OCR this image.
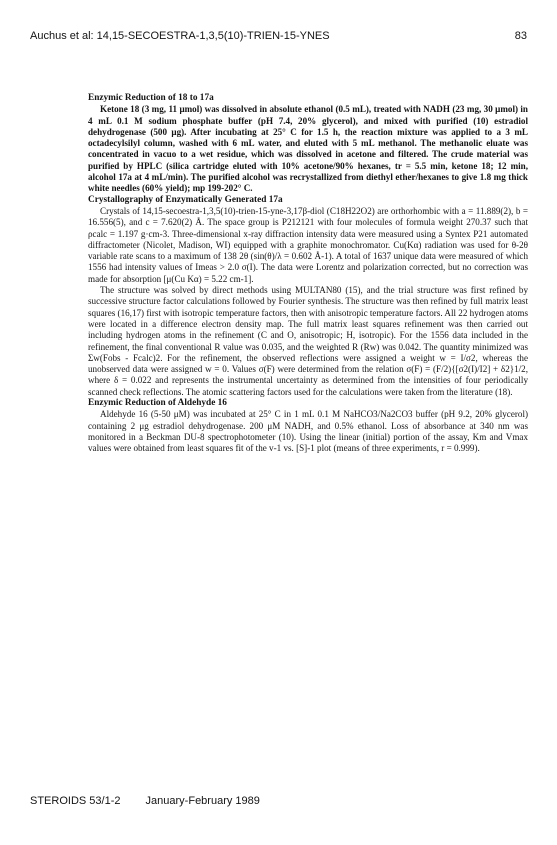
Auchus et al: 14,15-SECOESTRA-1,3,5(10)-TRIEN-15-YNES	83
Enzymic Reduction of 18 to 17a

Ketone 18 (3 mg, 11 μmol) was dissolved in absolute ethanol (0.5 mL), treated with NADH (23 mg, 30 μmol) in 4 mL 0.1 M sodium phosphate buffer (pH 7.4, 20% glycerol), and mixed with purified (10) estradiol dehydrogenase (500 μg). After incubating at 25° C for 1.5 h, the reaction mixture was applied to a 3 mL octadecylsilyl column, washed with 6 mL water, and eluted with 5 mL methanol. The methanolic eluate was concentrated in vacuo to a wet residue, which was dissolved in acetone and filtered. The crude material was purified by HPLC (silica cartridge eluted with 10% acetone/90% hexanes, tr = 5.5 min, ketone 18; 12 min, alcohol 17a at 4 mL/min). The purified alcohol was recrystallized from diethyl ether/hexanes to give 1.8 mg thick white needles (60% yield); mp 199-202° C.

Crystallography of Enzymatically Generated 17a

Crystals of 14,15-secoestra-1,3,5(10)-trien-15-yne-3,17β-diol (C18H22O2) are orthorhombic with a = 11.889(2), b = 16.556(5), and c = 7.620(2) Å. The space group is P212121 with four molecules of formula weight 270.37 such that ρcalc = 1.197 g·cm-3. Three-dimensional x-ray diffraction intensity data were measured using a Syntex P21 automated diffractometer (Nicolet, Madison, WI) equipped with a graphite monochromator. Cu(Kα) radiation was used for θ-2θ variable rate scans to a maximum of 138 2θ (sin(θ)/λ = 0.602 Å-1). A total of 1637 unique data were measured of which 1556 had intensity values of Imeas > 2.0 σ(I). The data were Lorentz and polarization corrected, but no correction was made for absorption [μ(Cu Kα) = 5.22 cm-1].

The structure was solved by direct methods using MULTAN80 (15), and the trial structure was first refined by successive structure factor calculations followed by Fourier synthesis. The structure was then refined by full matrix least squares (16,17) first with isotropic temperature factors, then with anisotropic temperature factors. All 22 hydrogen atoms were located in a difference electron density map. The full matrix least squares refinement was then carried out including hydrogen atoms in the refinement (C and O, anisotropic; H, isotropic). For the 1556 data included in the refinement, the final conventional R value was 0.035, and the weighted R (Rw) was 0.042. The quantity minimized was Σw(Fobs - Fcalc)2. For the refinement, the observed reflections were assigned a weight w = I/σ2, whereas the unobserved data were assigned w = 0. Values σ(F) were determined from the relation σ(F) = (F/2){[σ2(I)/I2] + δ2}1/2, where δ = 0.022 and represents the instrumental uncertainty as determined from the intensities of four periodically scanned check reflections. The atomic scattering factors used for the calculations were taken from the literature (18).

Enzymic Reduction of Aldehyde 16

Aldehyde 16 (5-50 μM) was incubated at 25° C in 1 mL 0.1 M NaHCO3/Na2CO3 buffer (pH 9.2, 20% glycerol) containing 2 μg estradiol dehydrogenase. 200 μM NADH, and 0.5% ethanol. Loss of absorbance at 340 nm was monitored in a Beckman DU-8 spectrophotometer (10). Using the linear (initial) portion of the assay, Km and Vmax values were obtained from least squares fit of the v-1 vs. [S]-1 plot (means of three experiments, r = 0.999).

STEROIDS 53/1-2 January-February 1989
